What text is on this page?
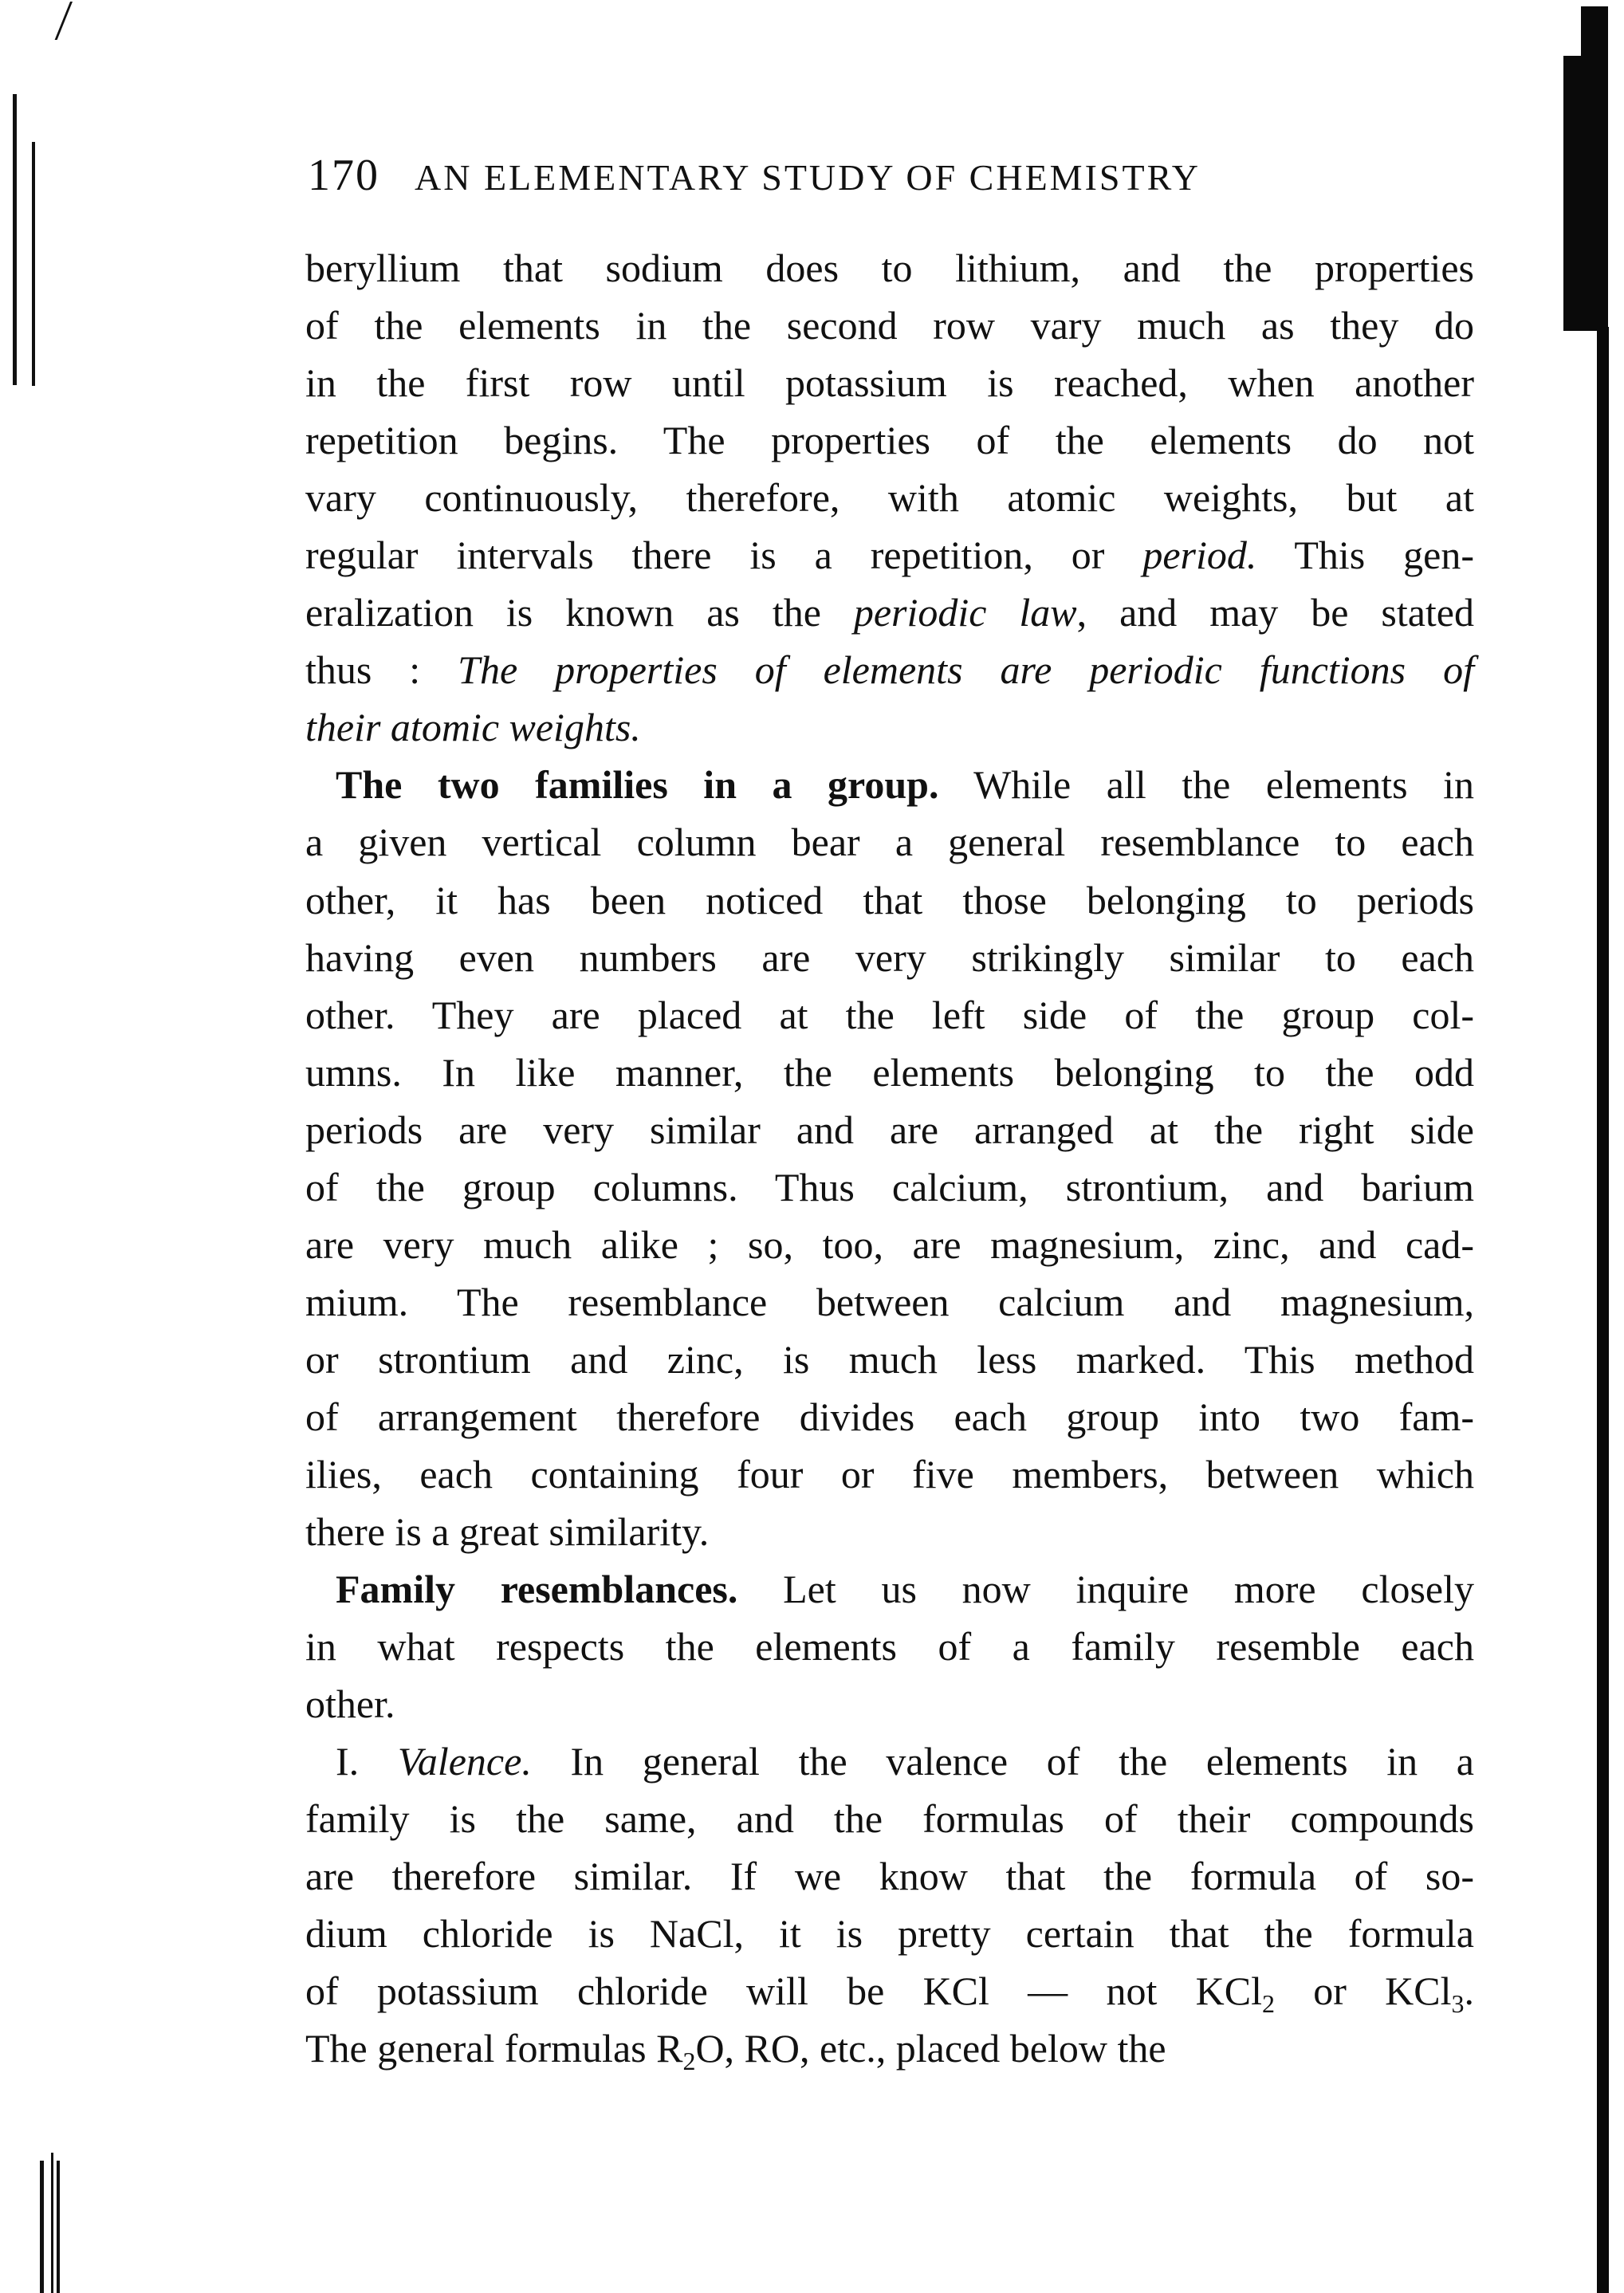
170 AN ELEMENTARY STUDY OF CHEMISTRY
beryllium that sodium does to lithium, and the properties
of the elements in the second row vary much as they do
in the first row until potassium is reached, when another
repetition begins. The properties of the elements do not
vary continuously, therefore, with atomic weights, but at
regular intervals there is a repetition, or period. This gen-
eralization is known as the periodic law, and may be stated
thus : The properties of elements are periodic functions of
their atomic weights.
The two families in a group. While all the elements in
a given vertical column bear a general resemblance to each
other, it has been noticed that those belonging to periods
having even numbers are very strikingly similar to each
other. They are placed at the left side of the group col-
umns. In like manner, the elements belonging to the odd
periods are very similar and are arranged at the right side
of the group columns. Thus calcium, strontium, and barium
are very much alike ; so, too, are magnesium, zinc, and cad-
mium. The resemblance between calcium and magnesium,
or strontium and zinc, is much less marked. This method
of arrangement therefore divides each group into two fam-
ilies, each containing four or five members, between which
there is a great similarity.
Family resemblances. Let us now inquire more closely
in what respects the elements of a family resemble each
other.
I. Valence. In general the valence of the elements in a
family is the same, and the formulas of their compounds
are therefore similar. If we know that the formula of so-
dium chloride is NaCl, it is pretty certain that the formula
of potassium chloride will be KCl — not KCl$_2$ or KCl$_3$.
The general formulas $R_2O$, RO, etc., placed below the
